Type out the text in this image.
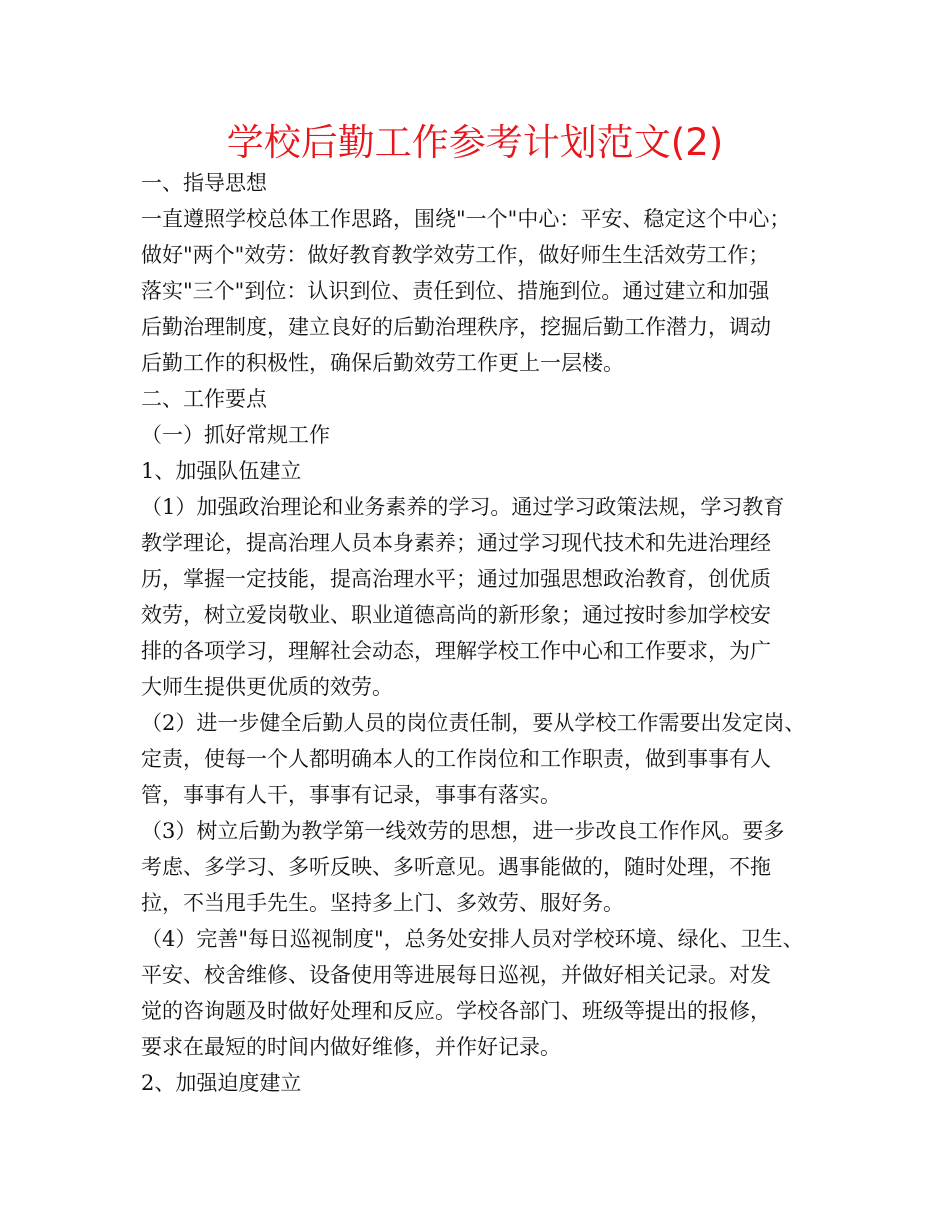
学校后勤工作参考计划范文(2)
一、指导思想
一直遵照学校总体工作思路，围绕"一个"中心：平安、稳定这个中心；
做好"两个"效劳：做好教育教学效劳工作，做好师生生活效劳工作；
落实"三个"到位：认识到位、责任到位、措施到位。通过建立和加强
后勤治理制度，建立良好的后勤治理秩序，挖掘后勤工作潜力，调动
后勤工作的积极性，确保后勤效劳工作更上一层楼。
二、工作要点
（一）抓好常规工作
1、加强队伍建立
（1）加强政治理论和业务素养的学习。通过学习政策法规，学习教育
教学理论，提高治理人员本身素养；通过学习现代技术和先进治理经
历，掌握一定技能，提高治理水平；通过加强思想政治教育，创优质
效劳，树立爱岗敬业、职业道德高尚的新形象；通过按时参加学校安
排的各项学习，理解社会动态，理解学校工作中心和工作要求，为广
大师生提供更优质的效劳。
（2）进一步健全后勤人员的岗位责任制，要从学校工作需要出发定岗、
定责，使每一个人都明确本人的工作岗位和工作职责，做到事事有人
管，事事有人干，事事有记录，事事有落实。
（3）树立后勤为教学第一线效劳的思想，进一步改良工作作风。要多
考虑、多学习、多听反映、多听意见。遇事能做的，随时处理，不拖
拉，不当甩手先生。坚持多上门、多效劳、服好务。
（4）完善"每日巡视制度"，总务处安排人员对学校环境、绿化、卫生、
平安、校舍维修、设备使用等进展每日巡视，并做好相关记录。对发
觉的咨询题及时做好处理和反应。学校各部门、班级等提出的报修，
要求在最短的时间内做好维修，并作好记录。
2、加强迫度建立
